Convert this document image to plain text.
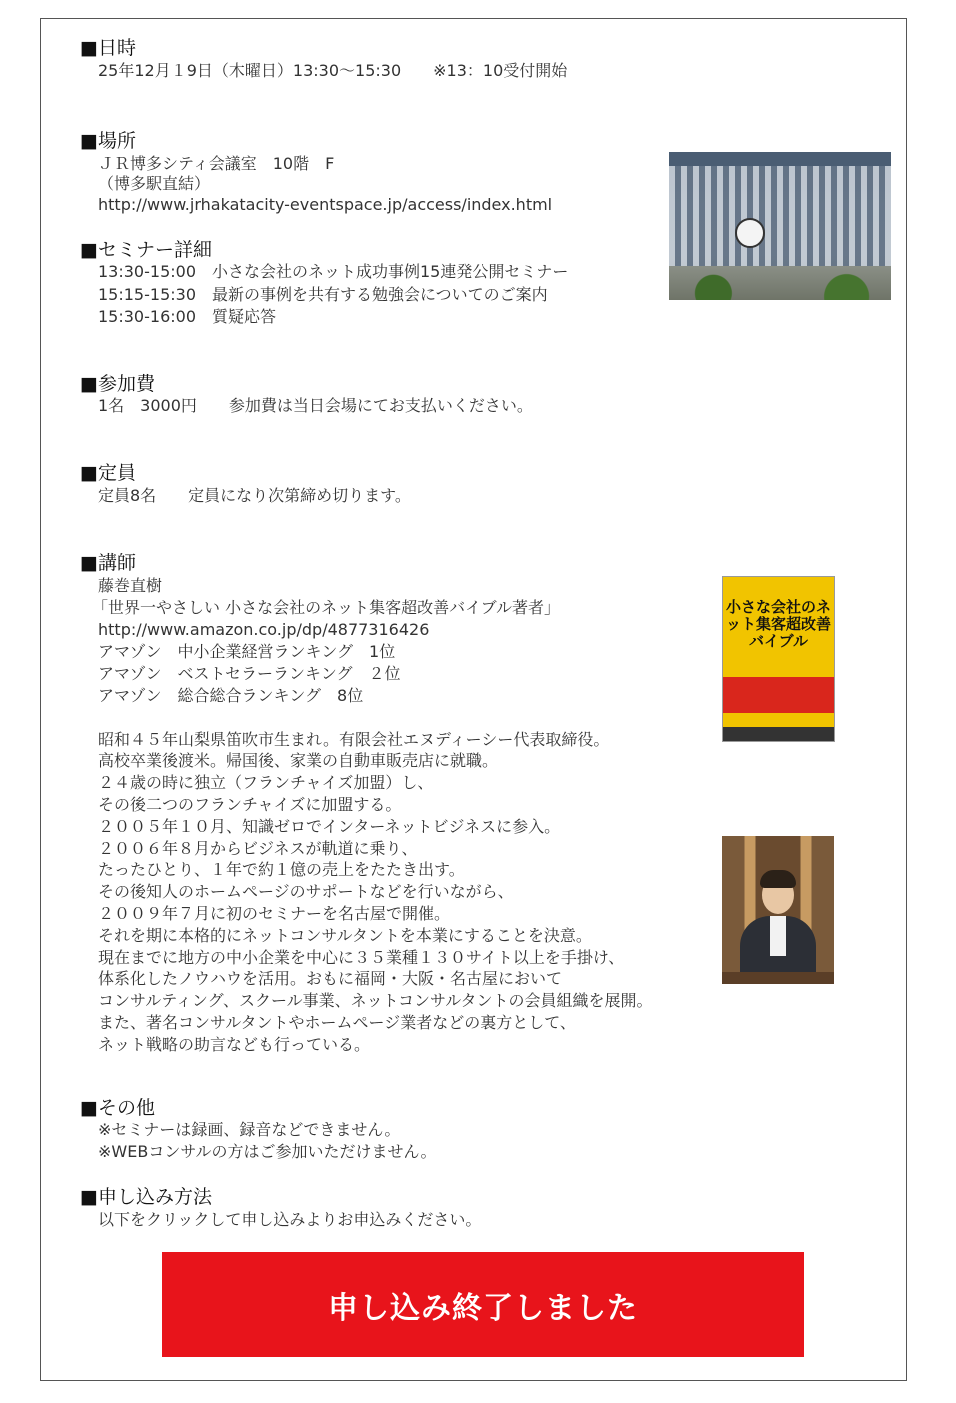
■日時
25年12月１9日（木曜日）13:30～15:30　　※13：10受付開始
■場所
ＪＲ博多シティ会議室　10階　F
（博多駅直結）
http://www.jrhakatacity-eventspace.jp/access/index.html
■セミナー詳細
13:30-15:00　小さな会社のネット成功事例15連発公開セミナー
15:15-15:30　最新の事例を共有する勉強会についてのご案内
15:30-16:00　質疑応答
■参加費
1名　3000円　　参加費は当日会場にてお支払いください。
■定員
定員8名　　定員になり次第締め切ります。
■講師
藤巻直樹
「世界一やさしい 小さな会社のネット集客超改善バイブル著者」
http://www.amazon.co.jp/dp/4877316426
アマゾン　中小企業経営ランキング　1位
アマゾン　ベストセラーランキング　２位
アマゾン　総合総合ランキング　8位
小さな会社のネット集客超改善バイブル
昭和４５年山梨県笛吹市生まれ。有限会社エヌディーシー代表取締役。
高校卒業後渡米。帰国後、家業の自動車販売店に就職。
２４歳の時に独立（フランチャイズ加盟）し、
その後二つのフランチャイズに加盟する。
２００５年１０月、知識ゼロでインターネットビジネスに参入。
２００６年８月からビジネスが軌道に乗り、
たったひとり、１年で約１億の売上をたたき出す。
その後知人のホームページのサポートなどを行いながら、
２００９年７月に初のセミナーを名古屋で開催。
それを期に本格的にネットコンサルタントを本業にすることを決意。
現在までに地方の中小企業を中心に３５業種１３０サイト以上を手掛け、
体系化したノウハウを活用。おもに福岡・大阪・名古屋において
コンサルティング、スクール事業、ネットコンサルタントの会員組織を展開。
また、著名コンサルタントやホームページ業者などの裏方として、
ネット戦略の助言なども行っている。
■その他
※セミナーは録画、録音などできません。
※WEBコンサルの方はご参加いただけません。
■申し込み方法
以下をクリックして申し込みよりお申込みください。
申し込み終了しました
